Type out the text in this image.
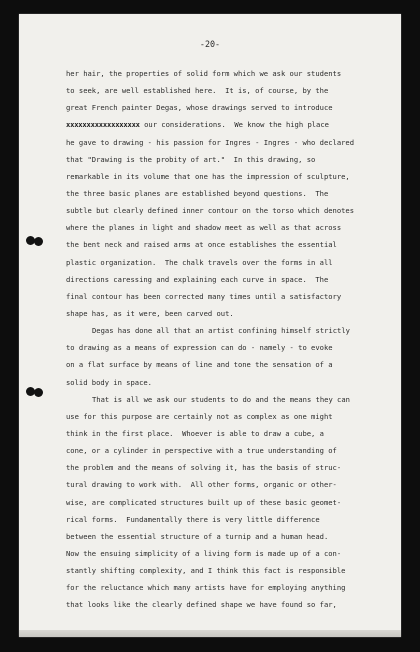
-20-
her hair, the properties of solid form which we ask our students
to seek, are well established here.  It is, of course, by the
great French painter Degas, whose drawings served to introduce
xxxxxxxxxxxxxxxxxx our considerations.  We know the high place
he gave to drawing - his passion for Ingres - Ingres - who declared
that "Drawing is the probity of art."  In this drawing, so
remarkable in its volume that one has the impression of sculpture,
the three basic planes are established beyond questions.  The
subtle but clearly defined inner contour on the torso which denotes
where the planes in light and shadow meet as well as that across
the bent neck and raised arms at once establishes the essential
plastic organization.  The chalk travels over the forms in all
directions caressing and explaining each curve in space.  The
final contour has been corrected many times until a satisfactory
shape has, as it were, been carved out.
Degas has done all that an artist confining himself strictly
to drawing as a means of expression can do - namely - to evoke
on a flat surface by means of line and tone the sensation of a
solid body in space.
That is all we ask our students to do and the means they can
use for this purpose are certainly not as complex as one might
think in the first place.  Whoever is able to draw a cube, a
cone, or a cylinder in perspective with a true understanding of
the problem and the means of solving it, has the basis of struc-
tural drawing to work with.  All other forms, organic or other-
wise, are complicated structures built up of these basic geomet-
rical forms.  Fundamentally there is very little difference
between the essential structure of a turnip and a human head.
Now the ensuing simplicity of a living form is made up of a con-
stantly shifting complexity, and I think this fact is responsible
for the reluctance which many artists have for employing anything
that looks like the clearly defined shape we have found so far,
